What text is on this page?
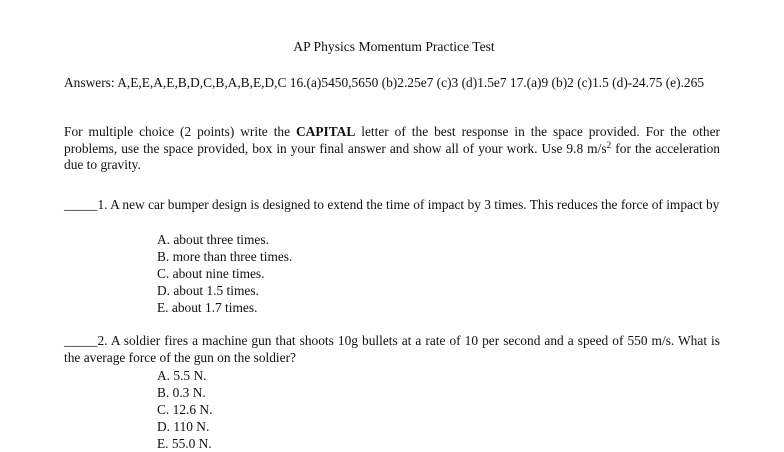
AP Physics Momentum Practice Test
Answers: A,E,E,A,E,B,D,C,B,A,B,E,D,C 16.(a)5450,5650 (b)2.25e7 (c)3 (d)1.5e7 17.(a)9 (b)2 (c)1.5 (d)-24.75 (e).265
For multiple choice (2 points) write the CAPITAL letter of the best response in the space provided. For the other problems, use the space provided, box in your final answer and show all of your work. Use 9.8 $m/s^2$ for the acceleration due to gravity.
_____1. A new car bumper design is designed to extend the time of impact by 3 times. This reduces the force of impact by
A. about three times.
B. more than three times.
C. about nine times.
D. about 1.5 times.
E. about 1.7 times.
_____2. A soldier fires a machine gun that shoots 10g bullets at a rate of 10 per second and a speed of 550 m/s. What is the average force of the gun on the soldier?
A. 5.5 N.
B. 0.3 N.
C. 12.6 N.
D. 110 N.
E. 55.0 N.
